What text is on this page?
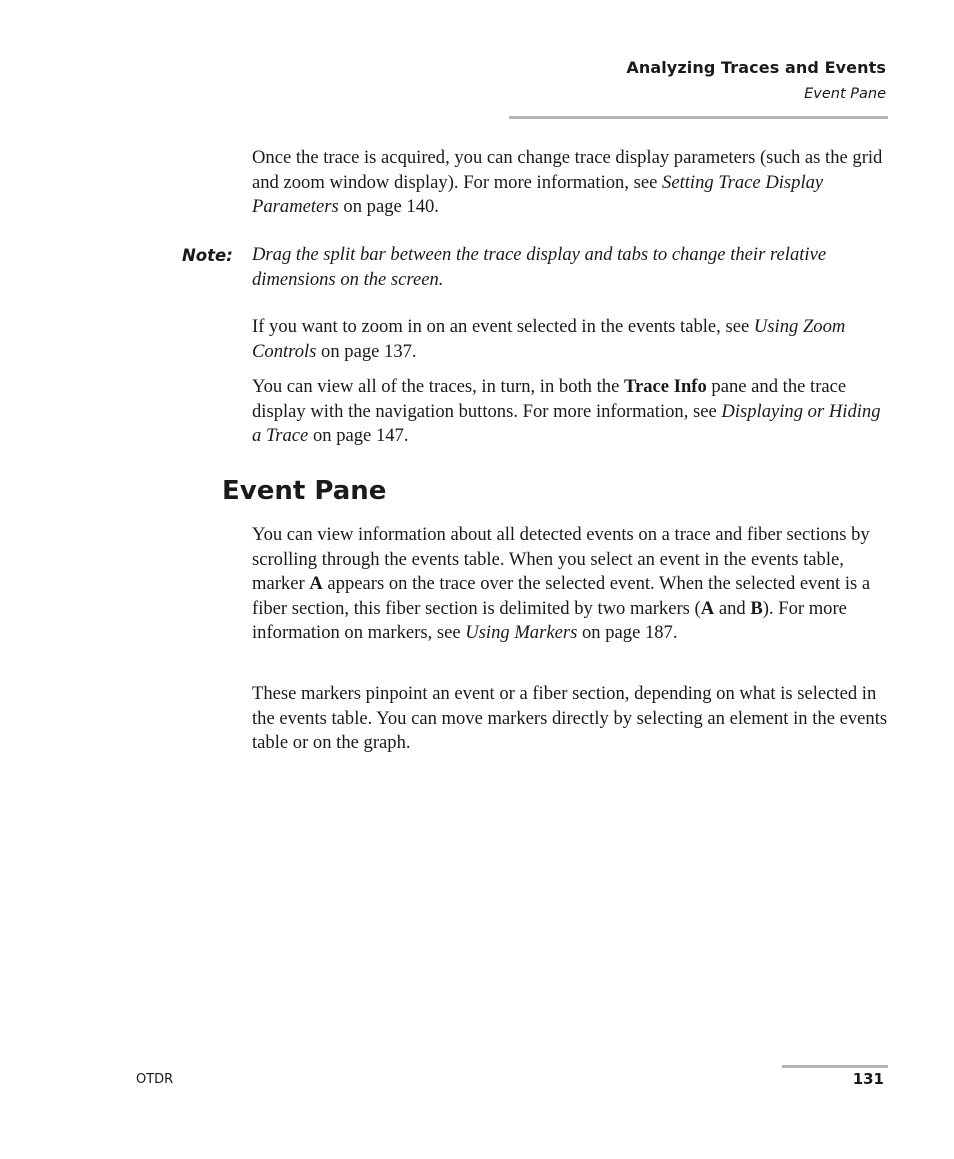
Analyzing Traces and Events
Event Pane

Once the trace is acquired, you can change trace display parameters (such as the grid and zoom window display). For more information, see Setting Trace Display Parameters on page 140.

Note: Drag the split bar between the trace display and tabs to change their relative dimensions on the screen.

If you want to zoom in on an event selected in the events table, see Using Zoom Controls on page 137.

You can view all of the traces, in turn, in both the Trace Info pane and the trace display with the navigation buttons. For more information, see Displaying or Hiding a Trace on page 147.

Event Pane

You can view information about all detected events on a trace and fiber sections by scrolling through the events table. When you select an event in the events table, marker A appears on the trace over the selected event. When the selected event is a fiber section, this fiber section is delimited by two markers (A and B). For more information on markers, see Using Markers on page 187.

These markers pinpoint an event or a fiber section, depending on what is selected in the events table. You can move markers directly by selecting an element in the events table or on the graph.

OTDR	131
